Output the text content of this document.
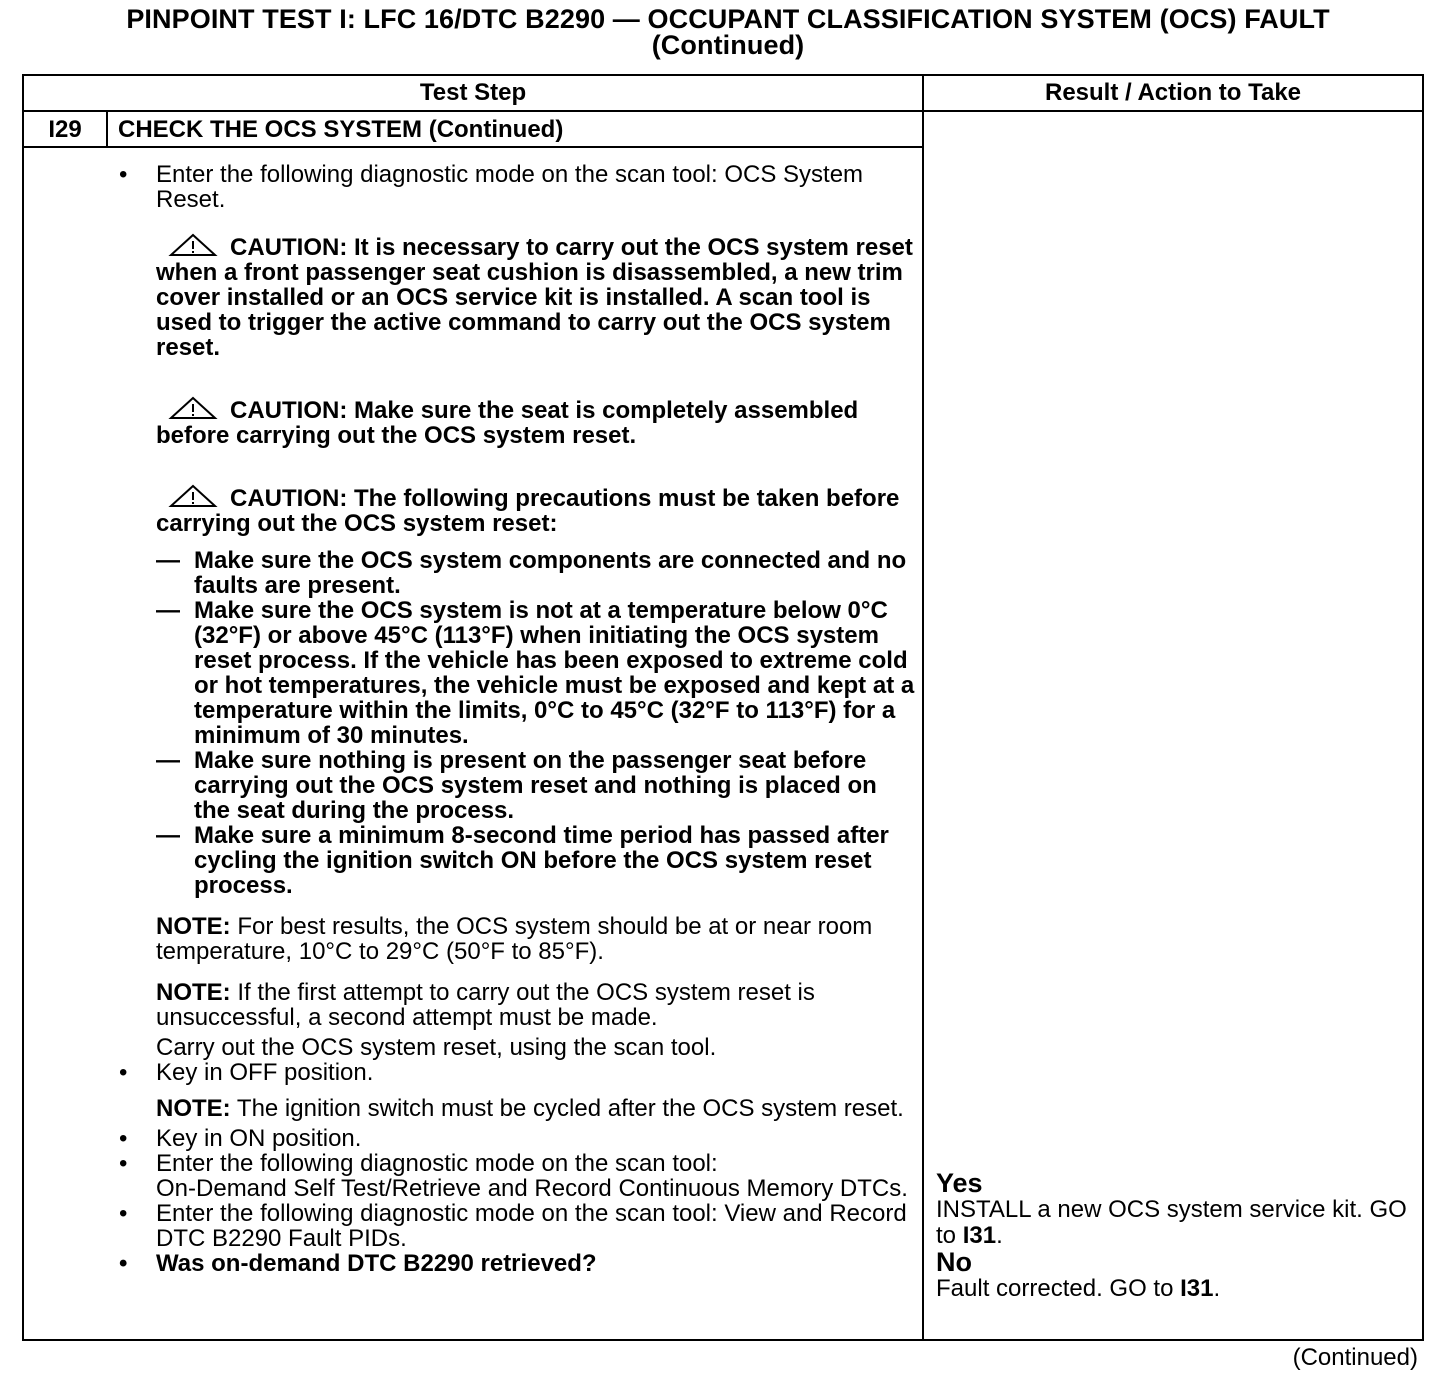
PINPOINT TEST I: LFC 16/DTC B2290 — OCCUPANT CLASSIFICATION SYSTEM (OCS) FAULT
(Continued)
Test Step	Result / Action to Take
I29	CHECK THE OCS SYSTEM (Continued)

• Enter the following diagnostic mode on the scan tool: OCS System Reset.

CAUTION: It is necessary to carry out the OCS system reset when a front passenger seat cushion is disassembled, a new trim cover installed or an OCS service kit is installed. A scan tool is used to trigger the active command to carry out the OCS system reset.

CAUTION: Make sure the seat is completely assembled before carrying out the OCS system reset.

CAUTION: The following precautions must be taken before carrying out the OCS system reset:

— Make sure the OCS system components are connected and no faults are present.

— Make sure the OCS system is not at a temperature below 0°C (32°F) or above 45°C (113°F) when initiating the OCS system reset process. If the vehicle has been exposed to extreme cold or hot temperatures, the vehicle must be exposed and kept at a temperature within the limits, 0°C to 45°C (32°F to 113°F) for a minimum of 30 minutes.

— Make sure nothing is present on the passenger seat before carrying out the OCS system reset and nothing is placed on the seat during the process.

— Make sure a minimum 8-second time period has passed after cycling the ignition switch ON before the OCS system reset process.

NOTE: For best results, the OCS system should be at or near room temperature, 10°C to 29°C (50°F to 85°F).

NOTE: If the first attempt to carry out the OCS system reset is unsuccessful, a second attempt must be made.

Carry out the OCS system reset, using the scan tool.

• Key in OFF position.

NOTE: The ignition switch must be cycled after the OCS system reset.

• Key in ON position.

• Enter the following diagnostic mode on the scan tool:
On-Demand Self Test/Retrieve and Record Continuous Memory DTCs.

• Enter the following diagnostic mode on the scan tool: View and Record DTC B2290 Fault PIDs.

• Was on-demand DTC B2290 retrieved?

Yes
INSTALL a new OCS system service kit. GO to I31.
No
Fault corrected. GO to I31.
(Continued)
